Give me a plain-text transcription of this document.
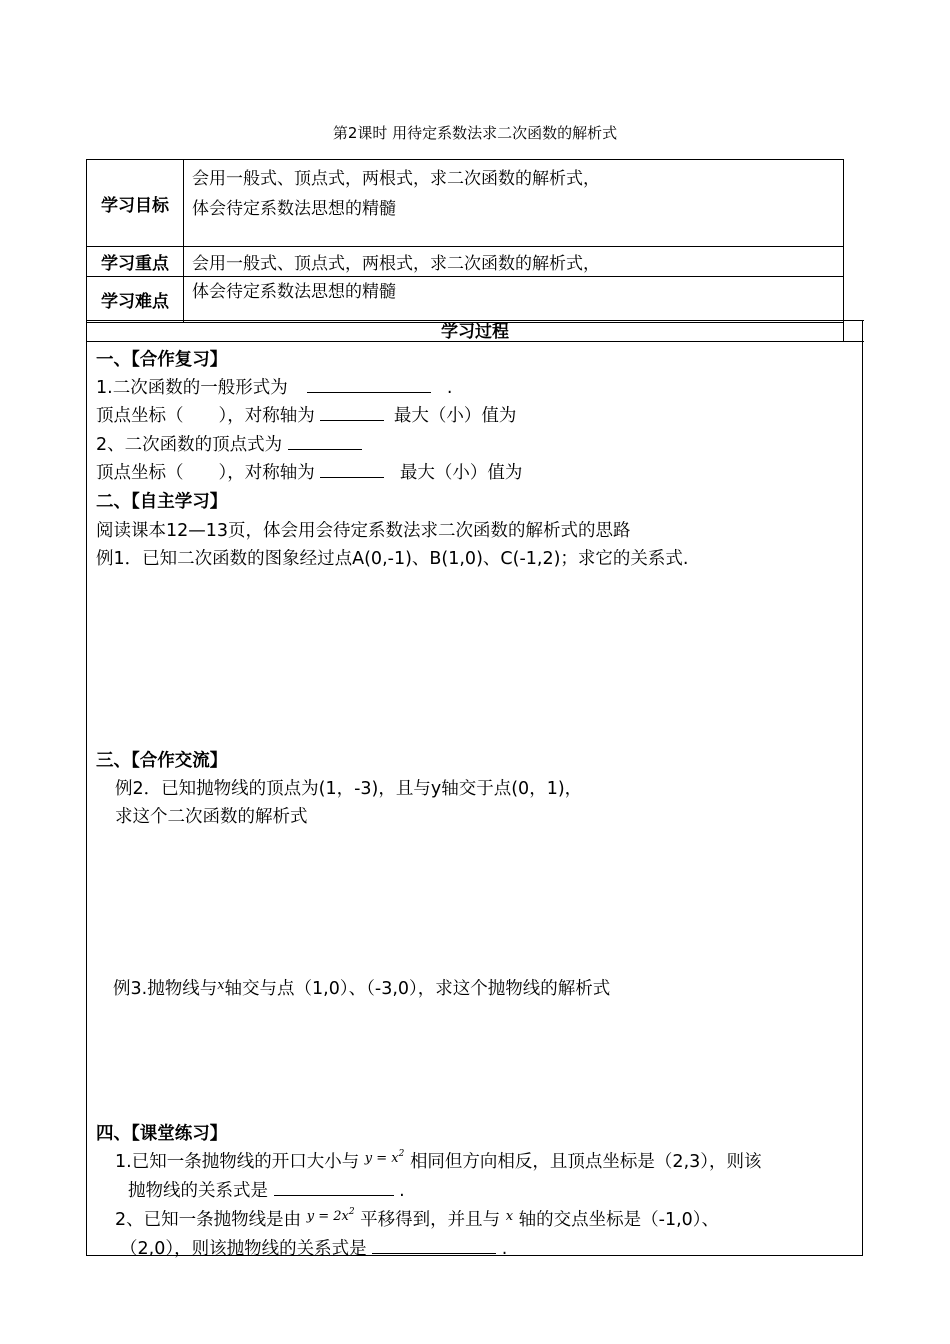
第2课时 用待定系数法求二次函数的解析式
学习目标	会用一般式、顶点式，两根式，求二次函数的解析式，
体会待定系数法思想的精髓

学习重点	会用一般式、顶点式，两根式，求二次函数的解析式，
学习难点	体会待定系数法思想的精髓
学习过程
一、【合作复习】
1.二次函数的一般形式为	.
顶点坐标（　　），对称轴为	最大（小）值为
2、二次函数的顶点式为
顶点坐标（　　），对称轴为	最大（小）值为
二、【自主学习】
阅读课本12—13页，体会用会待定系数法求二次函数的解析式的思路
例1．已知二次函数的图象经过点A(0,-1)、B(1,0)、C(-1,2)；求它的关系式.
三、【合作交流】
例2．已知抛物线的顶点为(1，-3)，且与y轴交于点(0，1)，
求这个二次函数的解析式
例3.抛物线与$^x$轴交与点（1,0）、（-3,0），求这个抛物线的解析式
四、【课堂练习】
1.已知一条抛物线的开口大小与 $^{y = x^2}$ 相同但方向相反，且顶点坐标是（2,3），则该
抛物线的关系式是	.
2、已知一条抛物线是由 $^{y = 2x^2}$ 平移得到，并且与 $^x$ 轴的交点坐标是（-1,0）、
（2,0），则该抛物线的关系式是	.
